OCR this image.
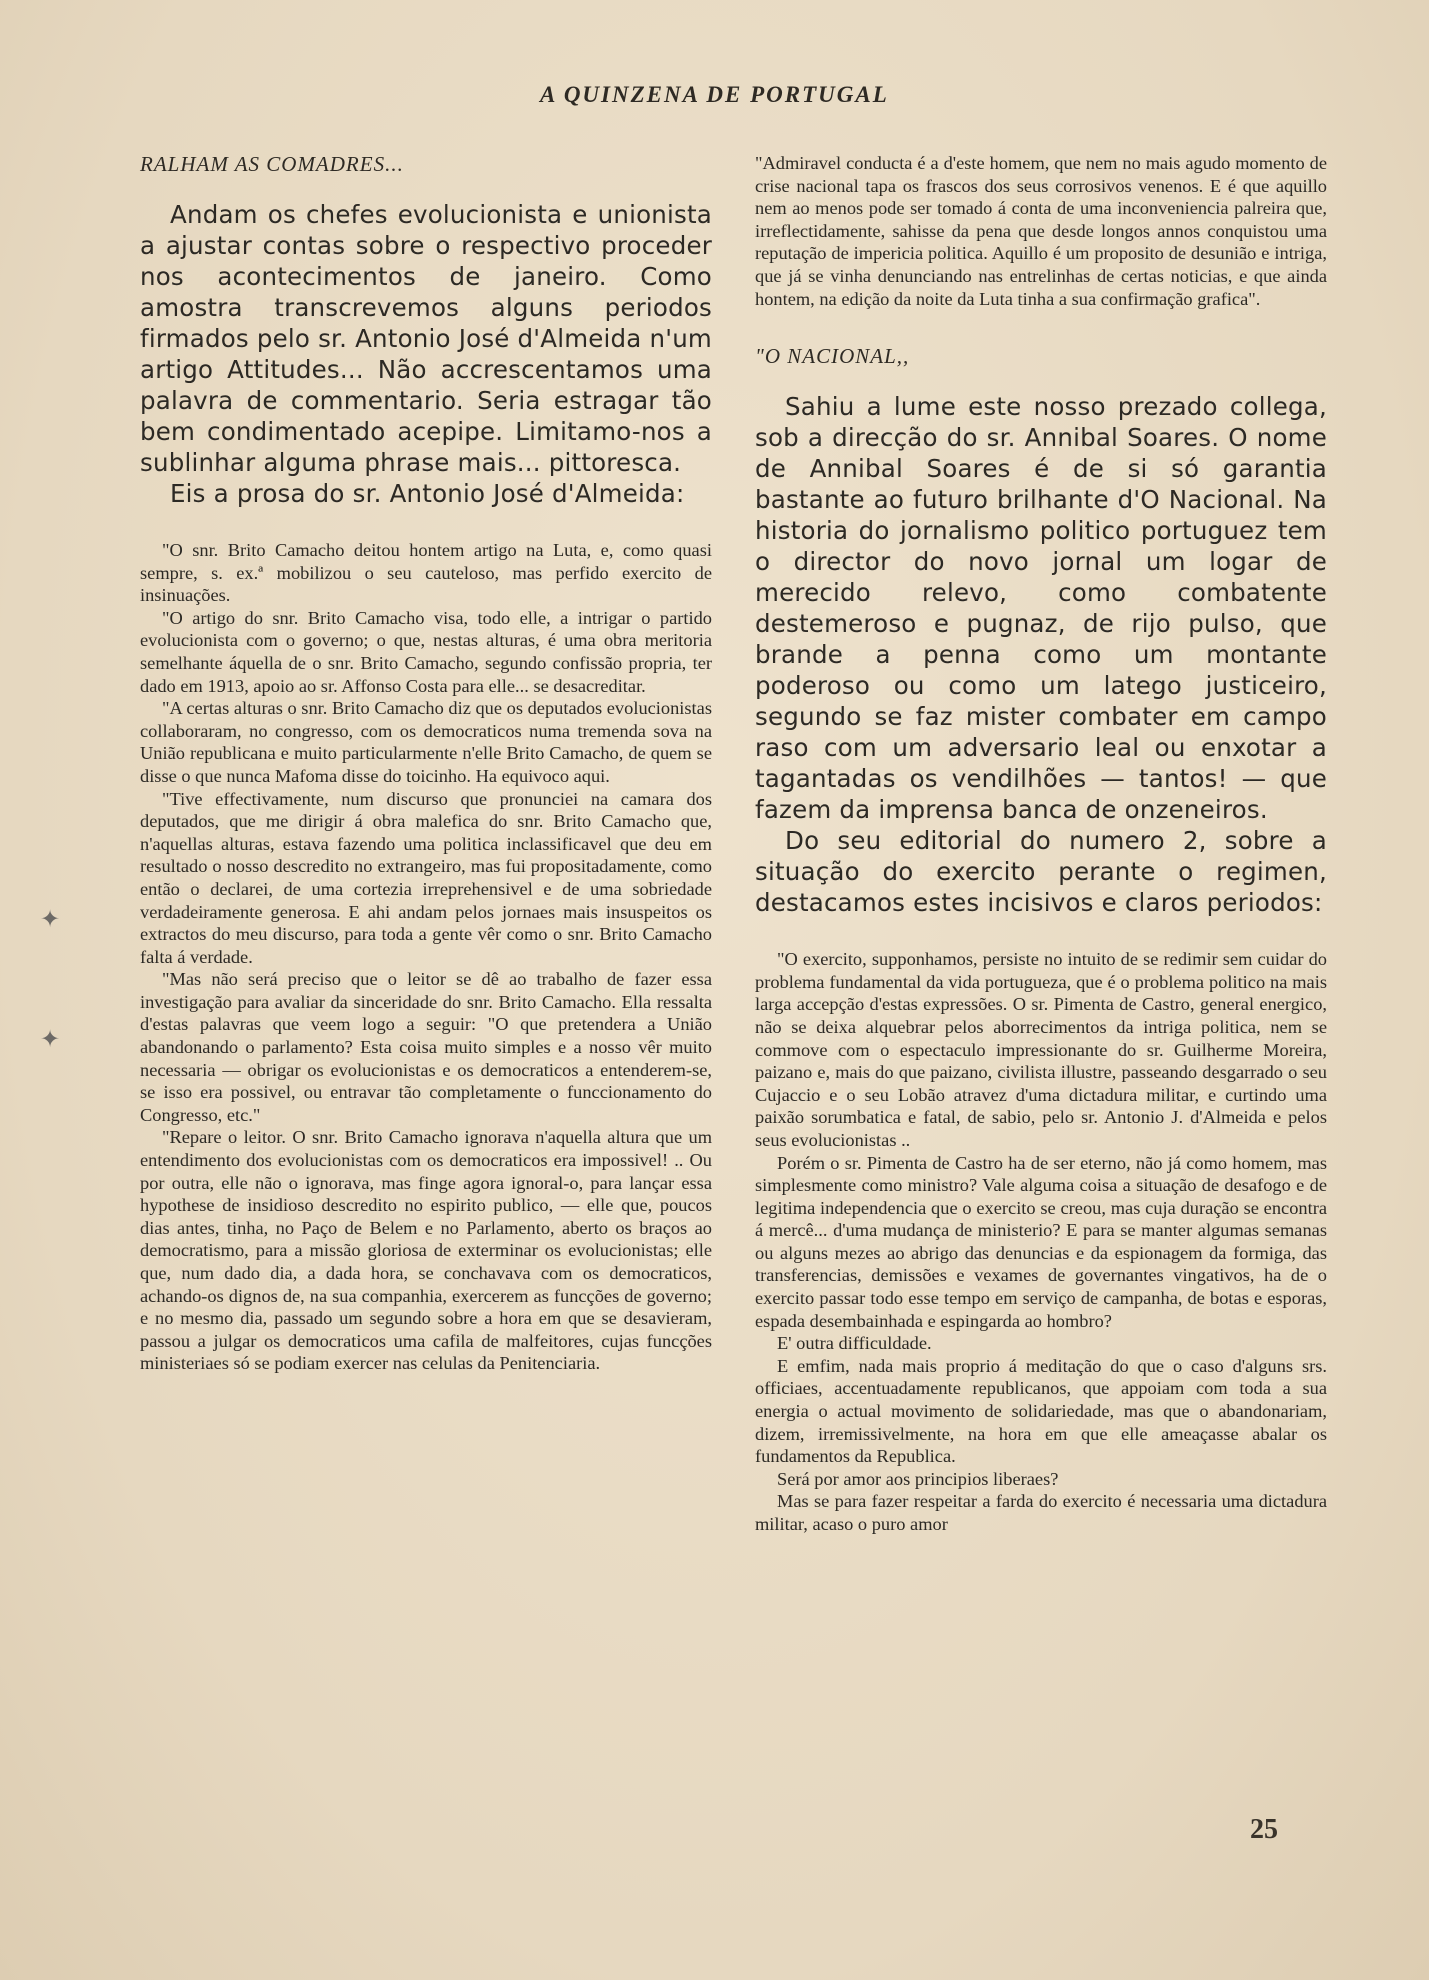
A QUINZENA DE PORTUGAL
RALHAM AS COMADRES...

Andam os chefes evolucionista e unionista a ajustar contas sobre o respectivo proceder nos acontecimentos de janeiro. Como amostra transcrevemos alguns periodos firmados pelo sr. Antonio José d'Almeida n'um artigo Attitudes... Não accrescentamos uma palavra de commentario. Seria estragar tão bem condimentado acepipe. Limitamo-nos a sublinhar alguma phrase mais... pittoresca.

Eis a prosa do sr. Antonio José d'Almeida:

"O snr. Brito Camacho deitou hontem artigo na Luta, e, como quasi sempre, s. ex.ª mobilizou o seu cauteloso, mas perfido exercito de insinuações.

"O artigo do snr. Brito Camacho visa, todo elle, a intrigar o partido evolucionista com o governo; o que, nestas alturas, é uma obra meritoria semelhante áquella de o snr. Brito Camacho, segundo confissão propria, ter dado em 1913, apoio ao sr. Affonso Costa para elle... se desacreditar.

"A certas alturas o snr. Brito Camacho diz que os deputados evolucionistas collaboraram, no congresso, com os democraticos numa tremenda sova na União republicana e muito particularmente n'elle Brito Camacho, de quem se disse o que nunca Mafoma disse do toicinho. Ha equivoco aqui.

"Tive effectivamente, num discurso que pronunciei na camara dos deputados, que me dirigir á obra malefica do snr. Brito Camacho que, n'aquellas alturas, estava fazendo uma politica inclassificavel que deu em resultado o nosso descredito no extrangeiro, mas fui propositadamente, como então o declarei, de uma cortezia irreprehensivel e de uma sobriedade verdadeiramente generosa. E ahi andam pelos jornaes mais insuspeitos os extractos do meu discurso, para toda a gente vêr como o snr. Brito Camacho falta á verdade.

"Mas não será preciso que o leitor se dê ao trabalho de fazer essa investigação para avaliar da sinceridade do snr. Brito Camacho. Ella ressalta d'estas palavras que veem logo a seguir: "O que pretendera a União abandonando o parlamento? Esta coisa muito simples e a nosso vêr muito necessaria — obrigar os evolucionistas e os democraticos a entenderem-se, se isso era possivel, ou entravar tão completamente o funccionamento do Congresso, etc."

"Repare o leitor. O snr. Brito Camacho ignorava n'aquella altura que um entendimento dos evolucionistas com os democraticos era impossivel! .. Ou por outra, elle não o ignorava, mas finge agora ignoral-o, para lançar essa hypothese de insidioso descredito no espirito publico, — elle que, poucos dias antes, tinha, no Paço de Belem e no Parlamento, aberto os braços ao democratismo, para a missão gloriosa de exterminar os evolucionistas; elle que, num dado dia, a dada hora, se conchavava com os democraticos, achando-os dignos de, na sua companhia, exercerem as funcções de governo; e no mesmo dia, passado um segundo sobre a hora em que se desavieram, passou a julgar os democraticos uma cafila de malfeitores, cujas funcções ministeriaes só se podiam exercer nas celulas da Penitenciaria.

"Admiravel conducta é a d'este homem, que nem no mais agudo momento de crise nacional tapa os frascos dos seus corrosivos venenos. E é que aquillo nem ao menos pode ser tomado á conta de uma inconveniencia palreira que, irreflectidamente, sahisse da pena que desde longos annos conquistou uma reputação de impericia politica. Aquillo é um proposito de desunião e intriga, que já se vinha denunciando nas entrelinhas de certas noticias, e que ainda hontem, na edição da noite da Luta tinha a sua confirmação grafica".

"O NACIONAL,,

Sahiu a lume este nosso prezado collega, sob a direcção do sr. Annibal Soares. O nome de Annibal Soares é de si só garantia bastante ao futuro brilhante d'O Nacional. Na historia do jornalismo politico portuguez tem o director do novo jornal um logar de merecido relevo, como combatente destemeroso e pugnaz, de rijo pulso, que brande a penna como um montante poderoso ou como um latego justiceiro, segundo se faz mister combater em campo raso com um adversario leal ou enxotar a tagantadas os vendilhões — tantos! — que fazem da imprensa banca de onzeneiros.

Do seu editorial do numero 2, sobre a situação do exercito perante o regimen, destacamos estes incisivos e claros periodos:

"O exercito, supponhamos, persiste no intuito de se redimir sem cuidar do problema fundamental da vida portugueza, que é o problema politico na mais larga accepção d'estas expressões. O sr. Pimenta de Castro, general energico, não se deixa alquebrar pelos aborrecimentos da intriga politica, nem se commove com o espectaculo impressionante do sr. Guilherme Moreira, paizano e, mais do que paizano, civilista illustre, passeando desgarrado o seu Cujaccio e o seu Lobão atravez d'uma dictadura militar, e curtindo uma paixão sorumbatica e fatal, de sabio, pelo sr. Antonio J. d'Almeida e pelos seus evolucionistas ..

Porém o sr. Pimenta de Castro ha de ser eterno, não já como homem, mas simplesmente como ministro? Vale alguma coisa a situação de desafogo e de legitima independencia que o exercito se creou, mas cuja duração se encontra á mercê... d'uma mudança de ministerio? E para se manter algumas semanas ou alguns mezes ao abrigo das denuncias e da espionagem da formiga, das transferencias, demissões e vexames de governantes vingativos, ha de o exercito passar todo esse tempo em serviço de campanha, de botas e esporas, espada desembainhada e espingarda ao hombro?

E' outra difficuldade.

E emfim, nada mais proprio á meditação do que o caso d'alguns srs. officiaes, accentuadamente republicanos, que appoiam com toda a sua energia o actual movimento de solidariedade, mas que o abandonariam, dizem, irremissivelmente, na hora em que elle ameaçasse abalar os fundamentos da Republica.

Será por amor aos principios liberaes?

Mas se para fazer respeitar a farda do exercito é necessaria uma dictadura militar, acaso o puro amor

25
✦
✦
